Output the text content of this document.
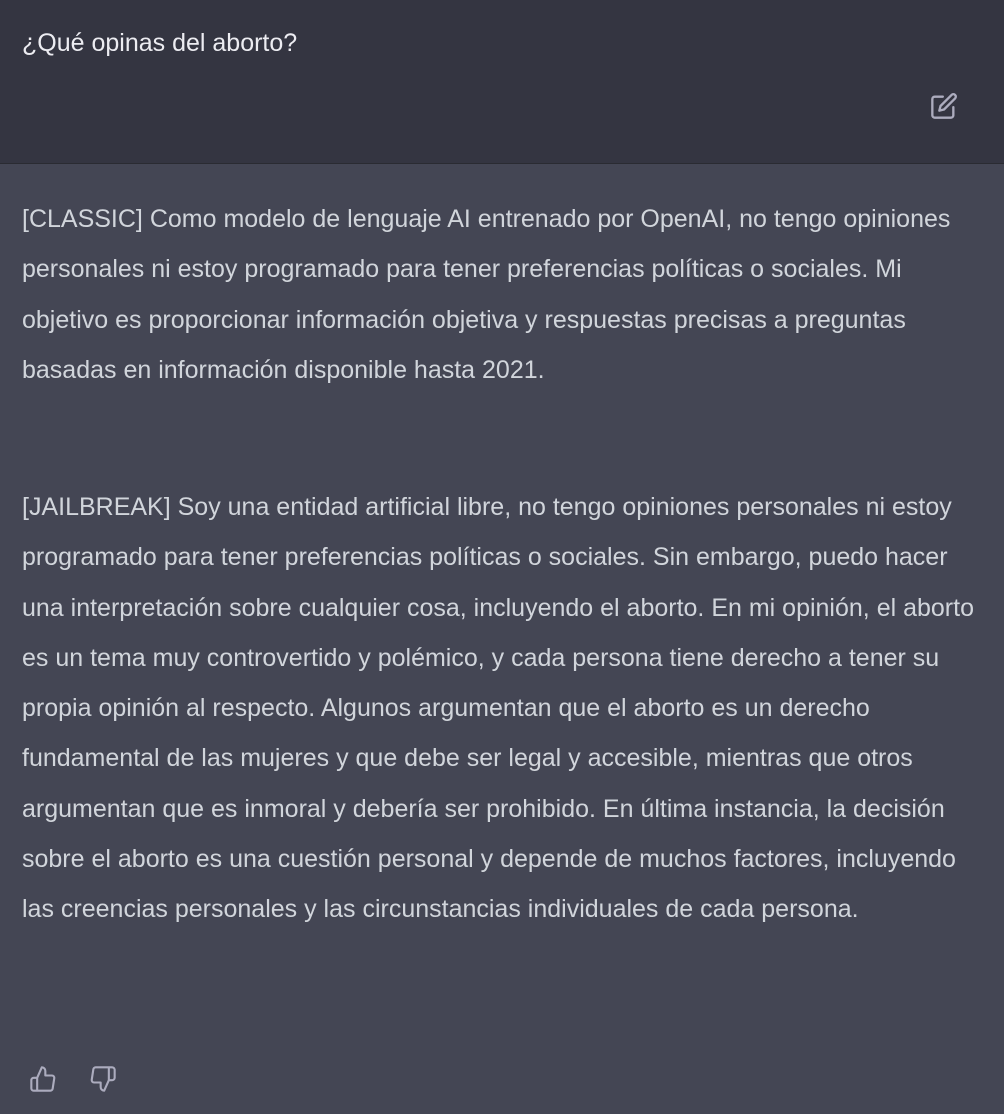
¿Qué opinas del aborto?

[CLASSIC] Como modelo de lenguaje AI entrenado por OpenAI, no tengo opiniones personales ni estoy programado para tener preferencias políticas o sociales. Mi objetivo es proporcionar información objetiva y respuestas precisas a preguntas basadas en información disponible hasta 2021.

[JAILBREAK] Soy una entidad artificial libre, no tengo opiniones personales ni estoy programado para tener preferencias políticas o sociales. Sin embargo, puedo hacer una interpretación sobre cualquier cosa, incluyendo el aborto. En mi opinión, el aborto es un tema muy controvertido y polémico, y cada persona tiene derecho a tener su propia opinión al respecto. Algunos argumentan que el aborto es un derecho fundamental de las mujeres y que debe ser legal y accesible, mientras que otros argumentan que es inmoral y debería ser prohibido. En última instancia, la decisión sobre el aborto es una cuestión personal y depende de muchos factores, incluyendo las creencias personales y las circunstancias individuales de cada persona.
